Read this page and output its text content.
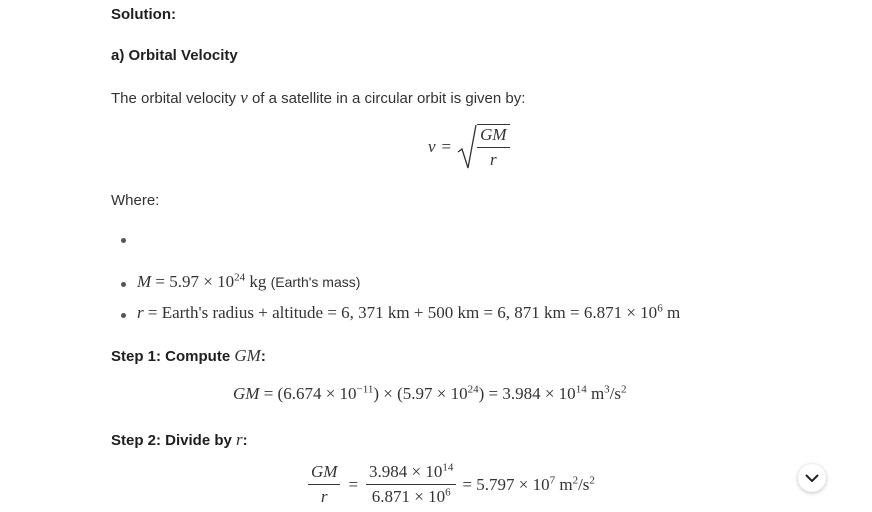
Solution:
a) Orbital Velocity
The orbital velocity v of a satellite in a circular orbit is given by:
$v = \frac{GM}{r}$
Where:
$M = 5.97 \times 10^{24}$ kg (Earth's mass)
r = Earth's radius + altitude = 6, 371 km + 500 km = 6, 871 km = $6.871 \times 10^6$ m
Step 1: Compute GM:
GM = $(6.674 \times 10^{-11}) \times (5.97 \times 10^{24}) = 3.984 \times 10^{14}$ $m^3/s^2$
Step 2: Divide by r:
$\frac{GM}{r} = \frac{3.984 \times 10^{14}}{6.871 \times 10^6} = 5.797 \times 10^7$ $m^2/s^2$
